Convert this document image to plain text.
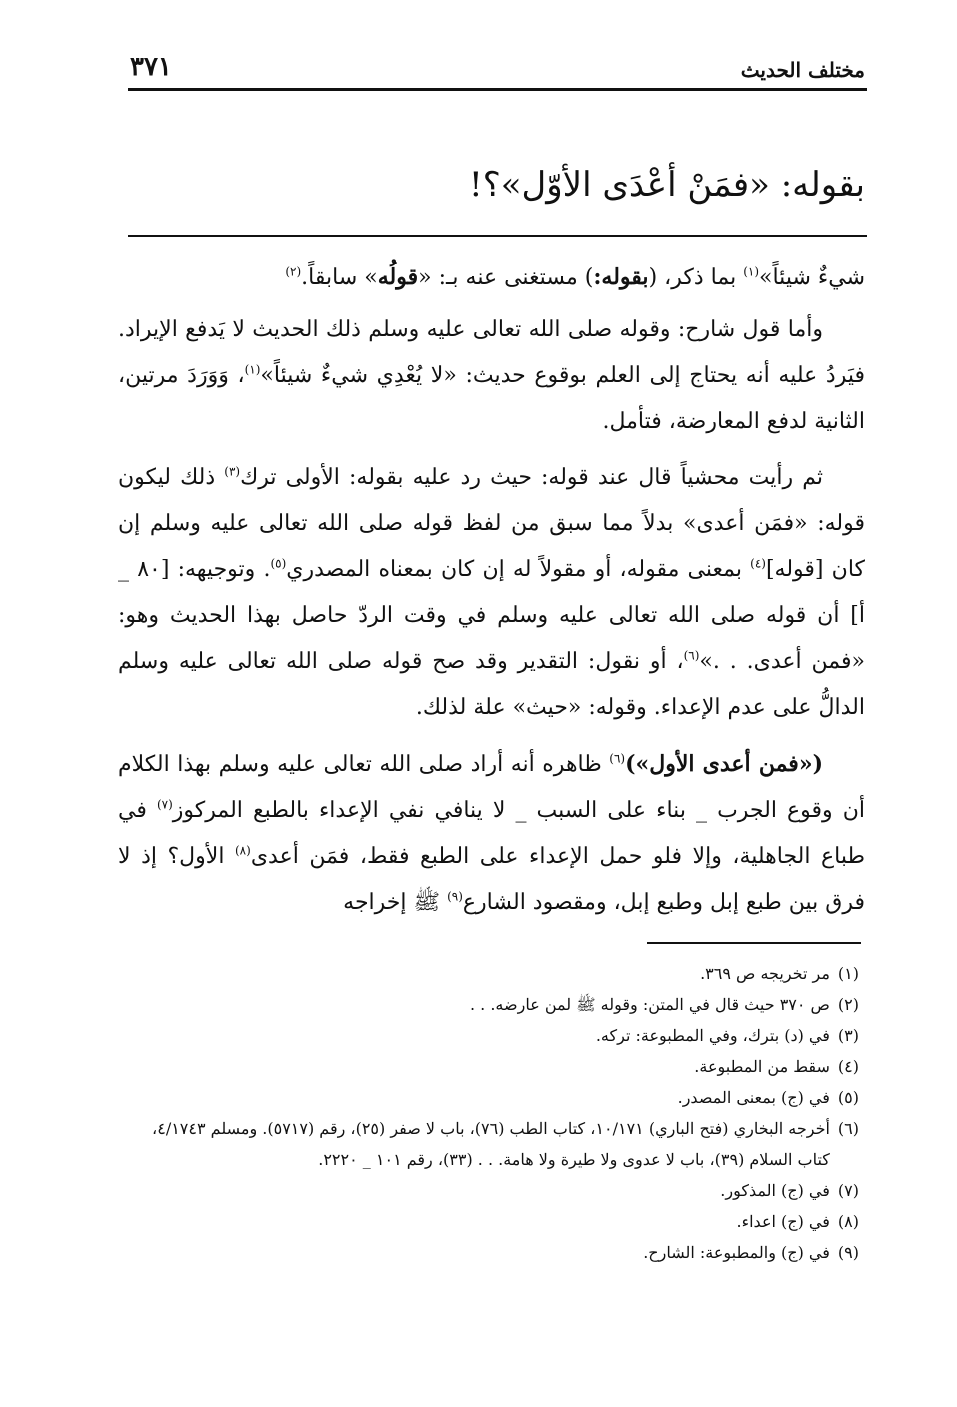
مختلف الحديث
٣٧١
بقوله: «فمَنْ أعْدَى الأوّل»؟!

شيءٌ شيئاً»$^{(١)}$ بما ذكر، (بقوله:) مستغنى عنه بـ: «قولُه» سابقاً.$^{(٢)}$

وأما قول شارح: وقوله صلى الله تعالى عليه وسلم ذلك الحديث لا يَدفع الإيراد. فيَردُ عليه أنه يحتاج إلى العلم بوقوع حديث: «لا يُعْدِي شيءٌ شيئاً»$^{(١)}$، وَوَرَدَ مرتين، الثانية لدفع المعارضة، فتأمل.

ثم رأيت محشياً قال عند قوله: حيث رد عليه بقوله: الأولى ترك$^{(٣)}$ ذلك ليكون قوله: «فمَن أعدى» بدلاً مما سبق من لفظ قوله صلى الله تعالى عليه وسلم إن كان [قوله]$^{(٤)}$ بمعنى مقوله، أو مقولاً له إن كان بمعناه المصدري$^{(٥)}$. وتوجيهه: [٨٠ _ أ] أن قوله صلى الله تعالى عليه وسلم في وقت الردّ حاصل بهذا الحديث وهو: «فمن أعدى. . .»$^{(٦)}$، أو نقول: التقدير وقد صح قوله صلى الله تعالى عليه وسلم الدالُّ على عدم الإعداء. وقوله: «حيث» علة لذلك.

(«فمن أعدى الأول»)$^{(٦)}$ ظاهره أنه أراد صلى الله تعالى عليه وسلم بهذا الكلام أن وقوع الجرب _ بناء على السبب _ لا ينافي نفي الإعداء بالطبع المركوز$^{(٧)}$ في طباع الجاهلية، وإلا فلو حمل الإعداء على الطبع فقط، فمَن أعدى$^{(٨)}$ الأول؟ إذ لا فرق بين طبع إبل وطبع إبل، ومقصود الشارع$^{(٩)}$ ﷺ إخراجه

(١)
مر تخريجه ص ٣٦٩.
(٢)
ص ٣٧٠ حيث قال في المتن: وقوله ﷺ لمن عارضه. . .
(٣)
في (د) بترك، وفي المطبوعة: تركه.
(٤)
سقط من المطبوعة.
(٥)
في (ج) بمعنى المصدر.
(٦)
أخرجه البخاري (فتح الباري) ١٠/١٧١، كتاب الطب (٧٦)، باب لا صفر (٢٥)، رقم (٥٧١٧). ومسلم ٤/١٧٤٣، كتاب السلام (٣٩)، باب لا عدوى ولا طيرة ولا هامة. . . (٣٣)، رقم ١٠١ _ ٢٢٢٠.
(٧)
في (ج) المذكور.
(٨)
في (ج) اعداء.
(٩)
في (ج) والمطبوعة: الشارح.
